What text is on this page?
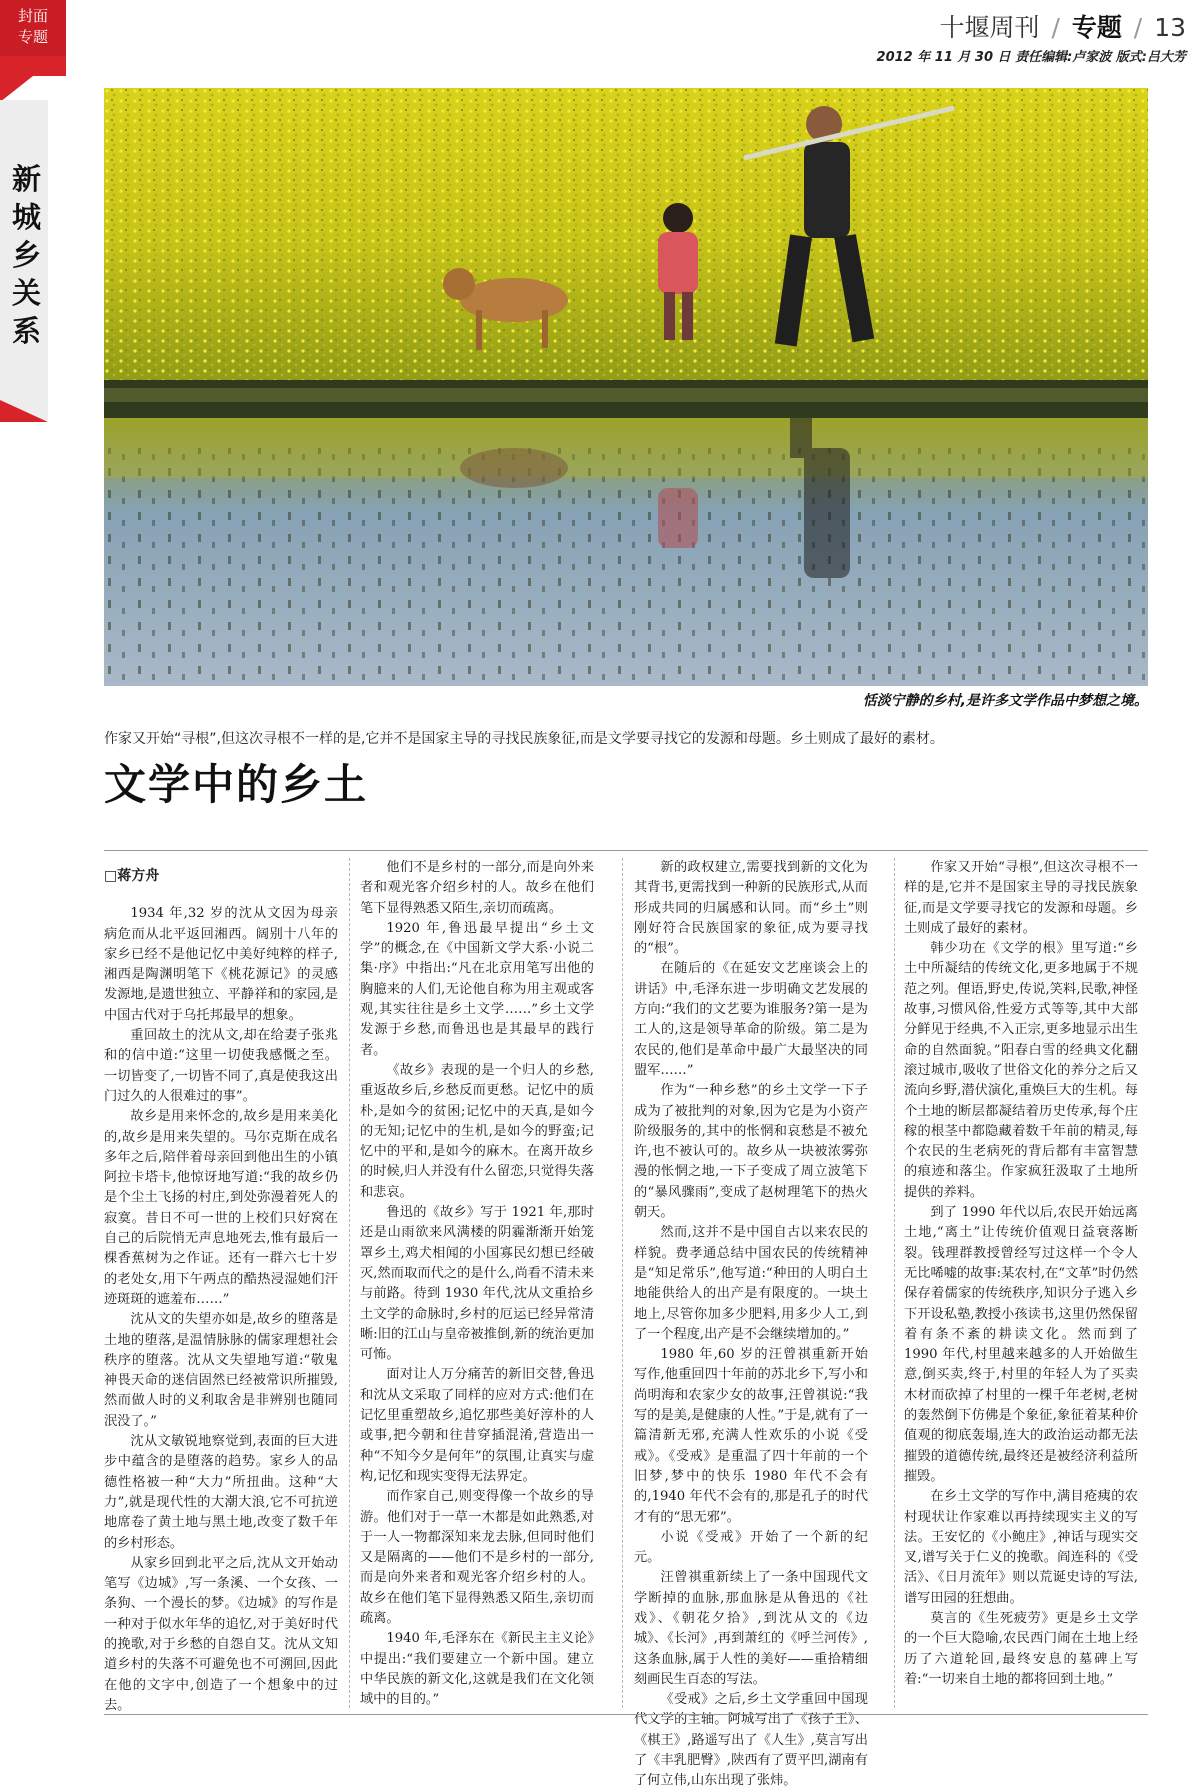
封面
专题
新城乡关系
十堰周刊 / 专题 / 13
2012 年 11 月 30 日 责任编辑:卢家波 版式:吕大芳
恬淡宁静的乡村,是许多文学作品中梦想之境。
作家又开始“寻根”,但这次寻根不一样的是,它并不是国家主导的寻找民族象征,而是文学要寻找它的发源和母题。乡土则成了最好的素材。
文学中的乡土

□蒋方舟

1934 年,32 岁的沈从文因为母亲病危而从北平返回湘西。阔别十八年的家乡已经不是他记忆中美好纯粹的样子,湘西是陶渊明笔下《桃花源记》的灵感发源地,是遗世独立、平静祥和的家园,是中国古代对于乌托邦最早的想象。

重回故土的沈从文,却在给妻子张兆和的信中道:“这里一切使我感慨之至。一切皆变了,一切皆不同了,真是使我这出门过久的人很难过的事”。

故乡是用来怀念的,故乡是用来美化的,故乡是用来失望的。马尔克斯在成名多年之后,陪伴着母亲回到他出生的小镇阿拉卡塔卡,他惊讶地写道:“我的故乡仍是个尘土飞扬的村庄,到处弥漫着死人的寂寞。昔日不可一世的上校们只好窝在自己的后院悄无声息地死去,惟有最后一棵香蕉树为之作证。还有一群六七十岁的老处女,用下午两点的酷热浸湿她们汗迹斑斑的遮羞布……”

沈从文的失望亦如是,故乡的堕落是土地的堕落,是温情脉脉的儒家理想社会秩序的堕落。沈从文失望地写道:“敬鬼神畏天命的迷信固然已经被常识所摧毁,然而做人时的义利取舍是非辨别也随同泯没了。”

沈从文敏锐地察觉到,表面的巨大进步中蕴含的是堕落的趋势。家乡人的品德性格被一种“大力”所扭曲。这种“大力”,就是现代性的大潮大浪,它不可抗逆地席卷了黄土地与黑土地,改变了数千年的乡村形态。

从家乡回到北平之后,沈从文开始动笔写《边城》,写一条溪、一个女孩、一条狗、一个漫长的梦。《边城》的写作是一种对于似水年华的追忆,对于美好时代的挽歌,对于乡愁的自怨自艾。沈从文知道乡村的失落不可避免也不可溯回,因此在他的文字中,创造了一个想象中的过去。

他们不是乡村的一部分,而是向外来者和观光客介绍乡村的人。故乡在他们笔下显得熟悉又陌生,亲切而疏离。

1920 年,鲁迅最早提出“乡土文学”的概念,在《中国新文学大系·小说二集·序》中指出:“凡在北京用笔写出他的胸臆来的人们,无论他自称为用主观或客观,其实往往是乡土文学……”乡土文学发源于乡愁,而鲁迅也是其最早的践行者。

《故乡》表现的是一个归人的乡愁,重返故乡后,乡愁反而更愁。记忆中的质朴,是如今的贫困;记忆中的天真,是如今的无知;记忆中的生机,是如今的野蛮;记忆中的平和,是如今的麻木。在离开故乡的时候,归人并没有什么留恋,只觉得失落和悲哀。

鲁迅的《故乡》写于 1921 年,那时还是山雨欲来风满楼的阴霾渐渐开始笼罩乡土,鸡犬相闻的小国寡民幻想已经破灭,然而取而代之的是什么,尚看不清未来与前路。待到 1930 年代,沈从文重拾乡土文学的命脉时,乡村的厄运已经异常清晰:旧的江山与皇帝被推倒,新的统治更加可怖。

面对让人万分痛苦的新旧交替,鲁迅和沈从文采取了同样的应对方式:他们在记忆里重塑故乡,追忆那些美好淳朴的人或事,把今朝和往昔穿插混淆,营造出一种“不知今夕是何年”的氛围,让真实与虚构,记忆和现实变得无法界定。

而作家自己,则变得像一个故乡的导游。他们对于一草一木都是如此熟悉,对于一人一物都深知来龙去脉,但同时他们又是隔离的——他们不是乡村的一部分,而是向外来者和观光客介绍乡村的人。故乡在他们笔下显得熟悉又陌生,亲切而疏离。

1940 年,毛泽东在《新民主主义论》中提出:“我们要建立一个新中国。建立中华民族的新文化,这就是我们在文化领域中的目的。”

新的政权建立,需要找到新的文化为其背书,更需找到一种新的民族形式,从而形成共同的归属感和认同。而“乡土”则刚好符合民族国家的象征,成为要寻找的“根”。

在随后的《在延安文艺座谈会上的讲话》中,毛泽东进一步明确文艺发展的方向:“我们的文艺要为谁服务?第一是为工人的,这是领导革命的阶级。第二是为农民的,他们是革命中最广大最坚决的同盟军……”

作为“一种乡愁”的乡土文学一下子成为了被批判的对象,因为它是为小资产阶级服务的,其中的怅惘和哀愁是不被允许,也不被认可的。故乡从一块被浓雾弥漫的怅惘之地,一下子变成了周立波笔下的“暴风骤雨”,变成了赵树理笔下的热火朝天。

然而,这并不是中国自古以来农民的样貌。费孝通总结中国农民的传统精神是“知足常乐”,他写道:“种田的人明白土地能供给人的出产是有限度的。一块土地上,尽管你加多少肥料,用多少人工,到了一个程度,出产是不会继续增加的。”

1980 年,60 岁的汪曾祺重新开始写作,他重回四十年前的苏北乡下,写小和尚明海和农家少女的故事,汪曾祺说:“我写的是美,是健康的人性。”于是,就有了一篇清新无邪,充满人性欢乐的小说《受戒》。《受戒》是重温了四十年前的一个旧梦,梦中的快乐 1980 年代不会有的,1940 年代不会有的,那是孔子的时代才有的“思无邪”。

小说《受戒》开始了一个新的纪元。

汪曾祺重新续上了一条中国现代文学断掉的血脉,那血脉是从鲁迅的《社戏》、《朝花夕拾》,到沈从文的《边城》、《长河》,再到萧红的《呼兰河传》,这条血脉,属于人性的美好——重拾精细刻画民生百态的写法。

《受戒》之后,乡土文学重回中国现代文学的主轴。阿城写出了《孩子王》、《棋王》,路遥写出了《人生》,莫言写出了《丰乳肥臀》,陕西有了贾平凹,湖南有了何立伟,山东出现了张炜。

作家又开始“寻根”,但这次寻根不一样的是,它并不是国家主导的寻找民族象征,而是文学要寻找它的发源和母题。乡土则成了最好的素材。

韩少功在《文学的根》里写道:“乡土中所凝结的传统文化,更多地属于不规范之列。俚语,野史,传说,笑料,民歌,神怪故事,习惯风俗,性爱方式等等,其中大部分鲜见于经典,不入正宗,更多地显示出生命的自然面貌。”阳春白雪的经典文化翻滚过城市,吸收了世俗文化的养分之后又流向乡野,潜伏演化,重焕巨大的生机。每个土地的断层都凝结着历史传承,每个庄稼的根茎中都隐藏着数千年前的精灵,每个农民的生老病死的背后都有丰富智慧的痕迹和落尘。作家疯狂汲取了土地所提供的养料。

到了 1990 年代以后,农民开始远离土地,“离土”让传统价值观日益衰落断裂。钱理群教授曾经写过这样一个令人无比唏嘘的故事:某农村,在“文革”时仍然保存着儒家的传统秩序,知识分子逃入乡下开设私塾,教授小孩读书,这里仍然保留着有条不紊的耕读文化。然而到了 1990 年代,村里越来越多的人开始做生意,倒买卖,终于,村里的年轻人为了买卖木材而砍掉了村里的一棵千年老树,老树的轰然倒下仿佛是个象征,象征着某种价值观的彻底轰塌,连大的政治运动都无法摧毁的道德传统,最终还是被经济利益所摧毁。

在乡土文学的写作中,满目疮痍的农村现状让作家难以再持续现实主义的写法。王安忆的《小鲍庄》,神话与现实交叉,谱写关于仁义的挽歌。阎连科的《受活》、《日月流年》则以荒诞史诗的写法,谱写田园的狂想曲。

莫言的《生死疲劳》更是乡土文学的一个巨大隐喻,农民西门闹在土地上经历了六道轮回,最终安息的墓碑上写着:“一切来自土地的都将回到土地。”
